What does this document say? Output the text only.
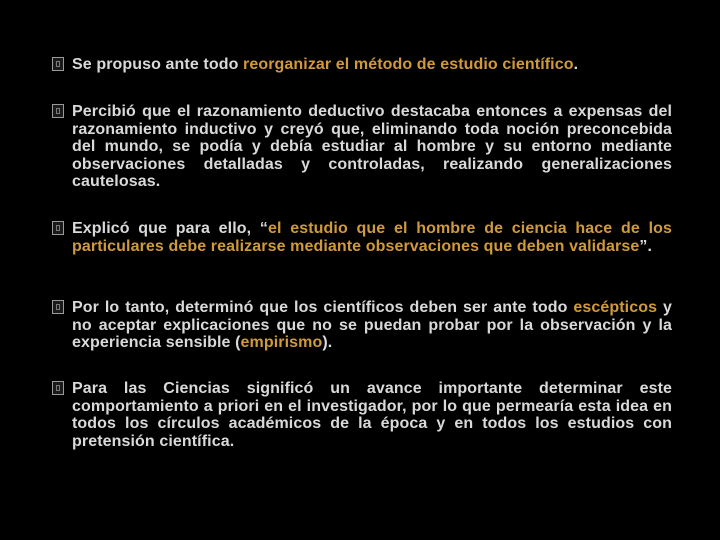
Se propuso ante todo reorganizar el método de estudio científico.
Percibió que el razonamiento deductivo destacaba entonces a expensas del razonamiento inductivo y creyó que, eliminando toda noción preconcebida del mundo, se podía y debía estudiar al hombre y su entorno mediante observaciones detalladas y controladas, realizando generalizaciones cautelosas.
Explicó que para ello, “el estudio que el hombre de ciencia hace de los particulares debe realizarse mediante observaciones que deben validarse”.
Por lo tanto, determinó que los científicos deben ser ante todo escépticos y no aceptar explicaciones que no se puedan probar por la observación y la experiencia sensible (empirismo).
Para las Ciencias significó un avance importante determinar este comportamiento a priori en el investigador, por lo que permearía esta idea en todos los círculos académicos de la época y en todos los estudios con pretensión científica.
